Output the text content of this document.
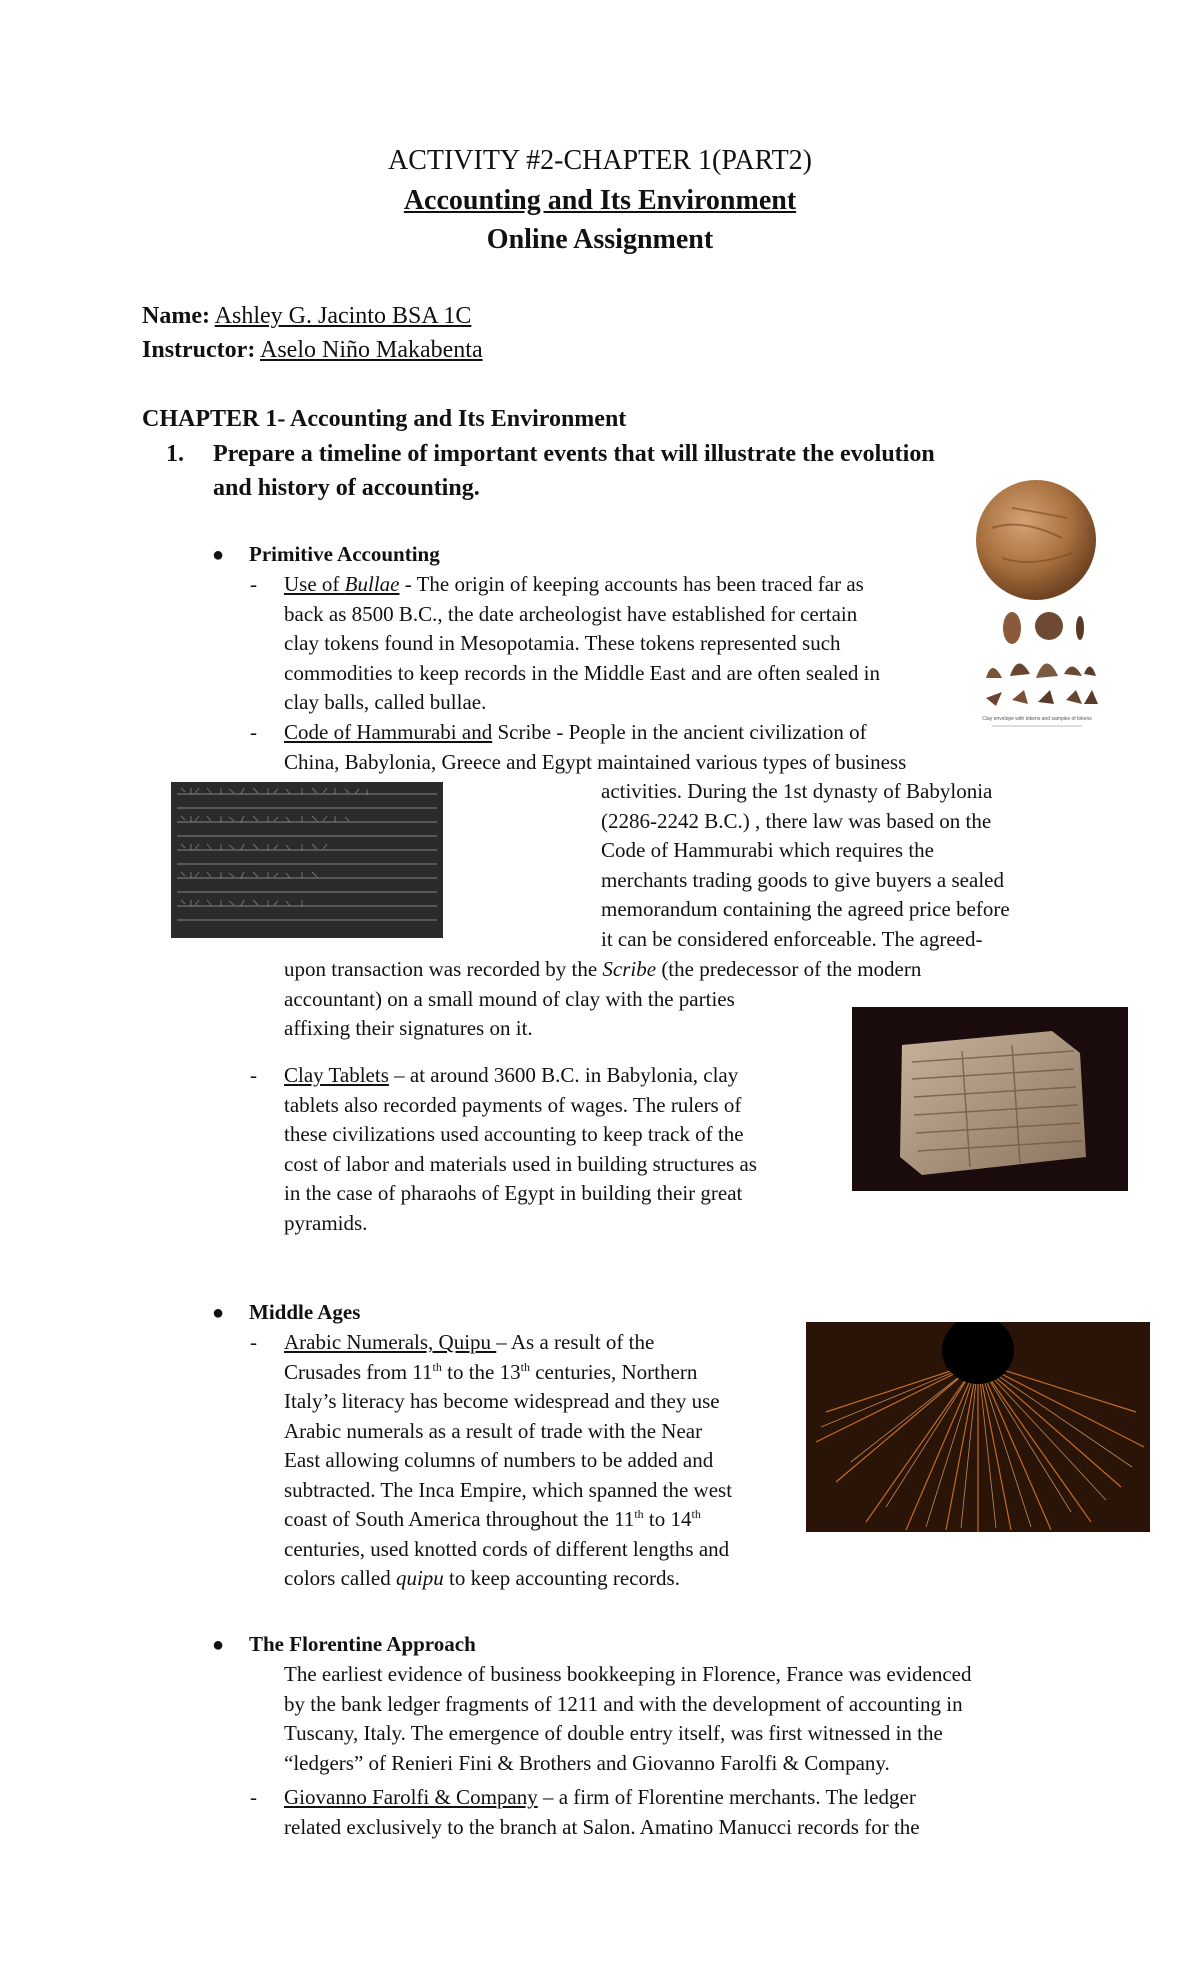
ACTIVITY #2-CHAPTER 1(PART2)
Accounting and Its Environment
Online Assignment
Name: Ashley G. Jacinto BSA 1C
Instructor: Aselo Niño Makabenta
CHAPTER 1- Accounting and Its Environment
1. Prepare a timeline of important events that will illustrate the evolution
and history of accounting.
● Primitive Accounting
- Use of Bullae - The origin of keeping accounts has been traced far as
back as 8500 B.C., the date archeologist have established for certain
clay tokens found in Mesopotamia. These tokens represented such
commodities to keep records in the Middle East and are often sealed in
clay balls, called bullae.
- Code of Hammurabi and Scribe - People in the ancient civilization of
China, Babylonia, Greece and Egypt maintained various types of business
activities. During the 1st dynasty of Babylonia
(2286-2242 B.C.) , there law was based on the
Code of Hammurabi which requires the
merchants trading goods to give buyers a sealed
memorandum containing the agreed price before
it can be considered enforceable. The agreed-
upon transaction was recorded by the Scribe (the predecessor of the modern
accountant) on a small mound of clay with the parties
affixing their signatures on it.
- Clay Tablets – at around 3600 B.C. in Babylonia, clay
tablets also recorded payments of wages. The rulers of
these civilizations used accounting to keep track of the
cost of labor and materials used in building structures as
in the case of pharaohs of Egypt in building their great
pyramids.
● Middle Ages
- Arabic Numerals, Quipu – As a result of the
Crusades from 11th to the 13th centuries, Northern
Italy’s literacy has become widespread and they use
Arabic numerals as a result of trade with the Near
East allowing columns of numbers to be added and
subtracted. The Inca Empire, which spanned the west
coast of South America throughout the 11th to 14th
centuries, used knotted cords of different lengths and
colors called quipu to keep accounting records.
● The Florentine Approach
The earliest evidence of business bookkeeping in Florence, France was evidenced
by the bank ledger fragments of 1211 and with the development of accounting in
Tuscany, Italy. The emergence of double entry itself, was first witnessed in the
“ledgers” of Renieri Fini & Brothers and Giovanno Farolfi & Company.
- Giovanno Farolfi & Company – a firm of Florentine merchants. The ledger
related exclusively to the branch at Salon. Amatino Manucci records for the
Clay envelope with tokens and samples of tokens
